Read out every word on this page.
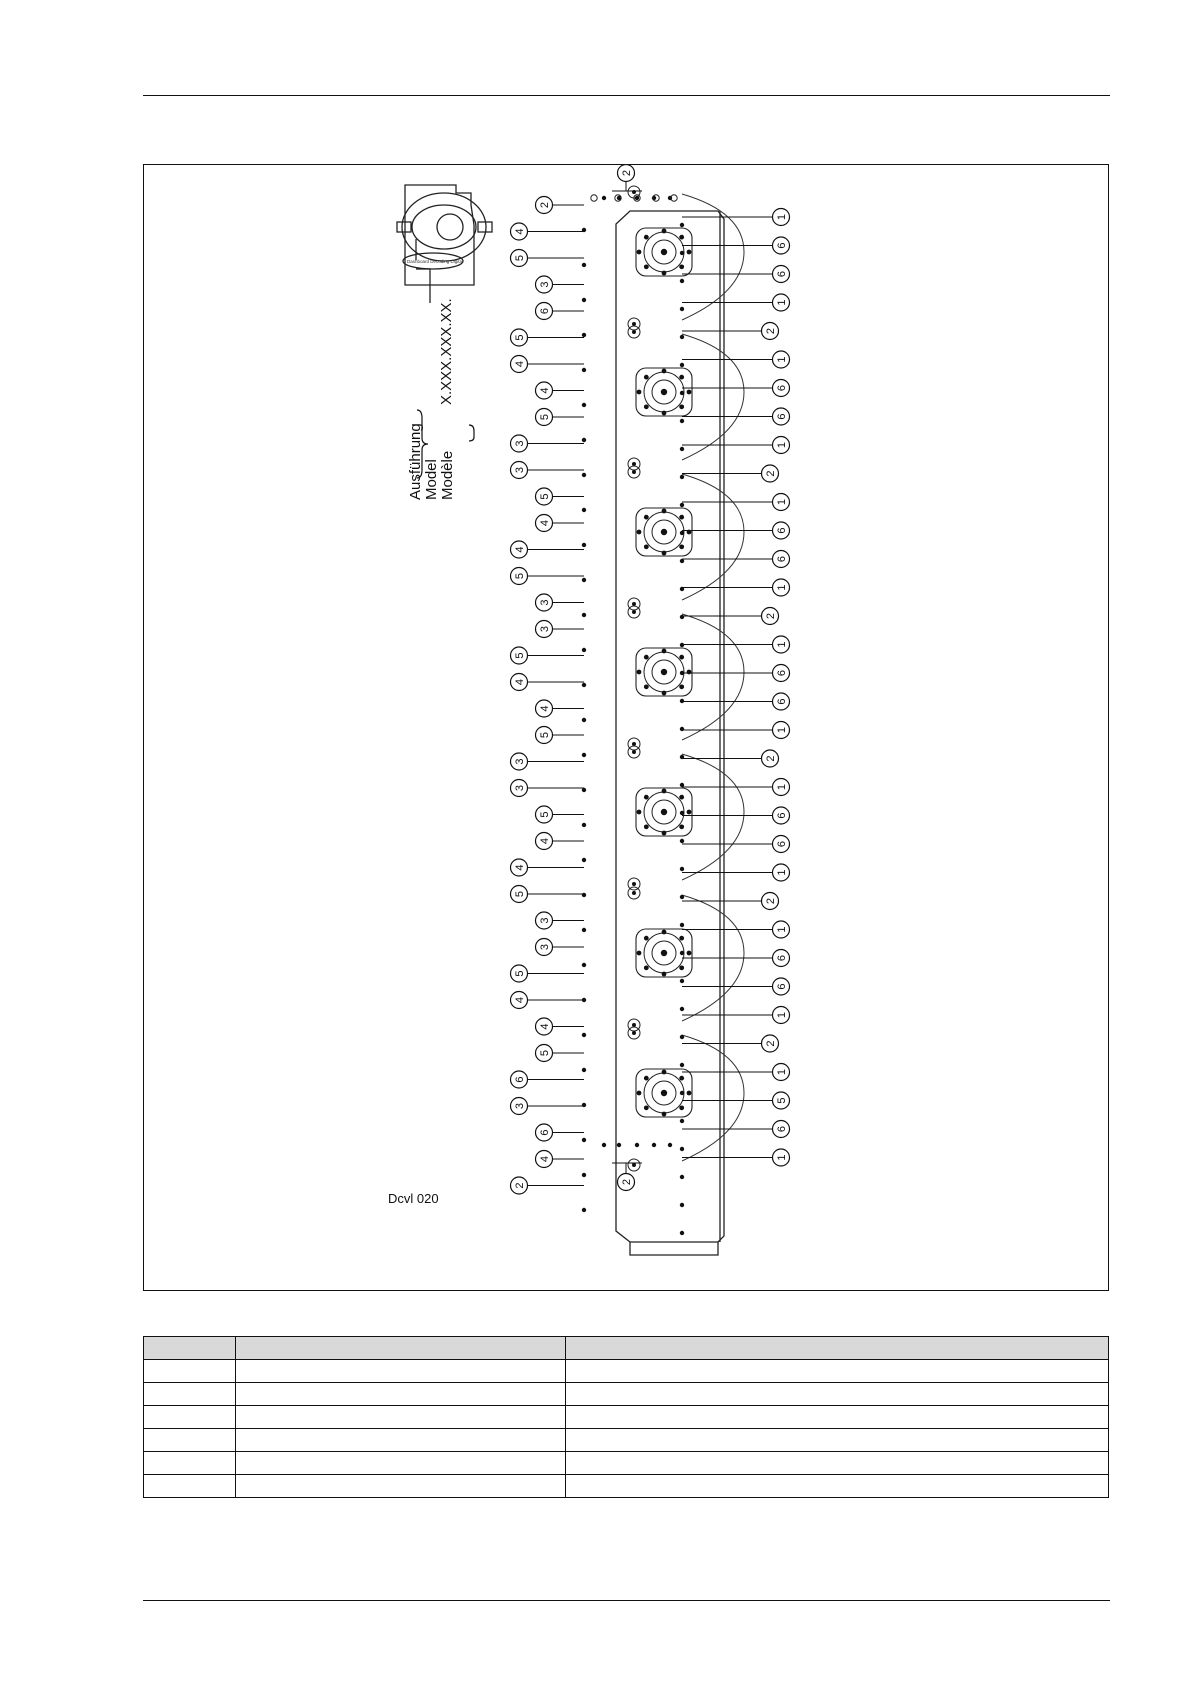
Dashboard Decoding Digital
2
4
5
3
6
5
4
4
5
3
3
5
4
4
5
3
3
5
4
4
5
3
3
5
4
4
5
3
3
5
4
4
5
6
3
6
4
2
1
6
6
1
2
1
6
6
1
2
1
6
6
1
2
1
6
6
1
2
1
6
6
1
2
1
6
6
1
2
1
5
6
1
2
2
Ausführung Model Modèle
X.XXX.XXX.XX.
Dcvl 020
